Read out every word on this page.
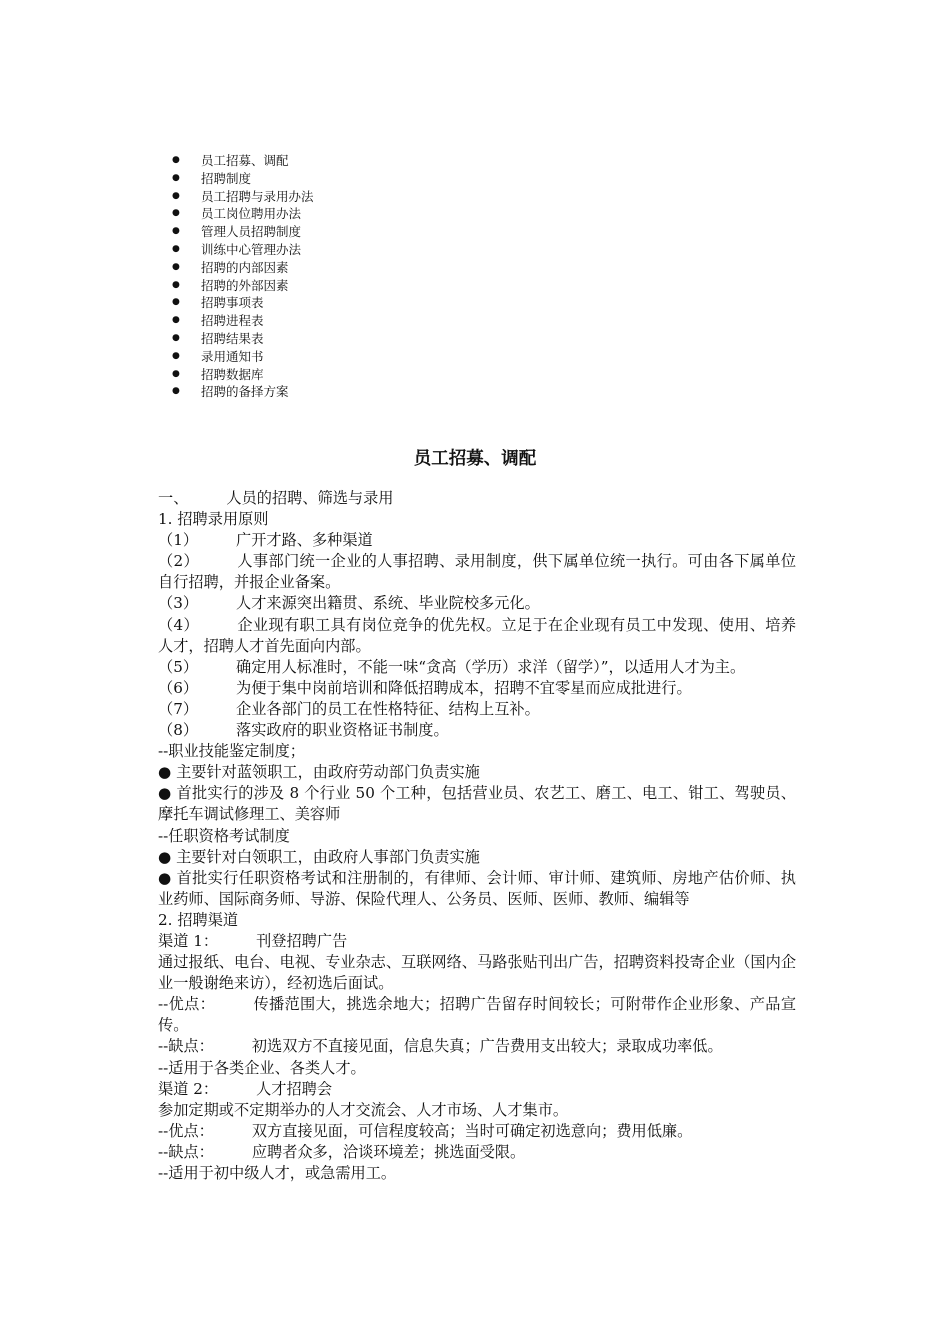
● 员工招募、调配
● 招聘制度
● 员工招聘与录用办法
● 员工岗位聘用办法
● 管理人员招聘制度
● 训练中心管理办法
● 招聘的内部因素
● 招聘的外部因素
● 招聘事项表
● 招聘进程表
● 招聘结果表
● 录用通知书
● 招聘数据库
● 招聘的备择方案
员工招募、调配

一、	人员的招聘、筛选与录用

1. 招聘录用原则

（1）	广开才路、多种渠道

（2）	人事部门统一企业的人事招聘、录用制度，供下属单位统一执行。可由各下属单位自行招聘，并报企业备案。

（3）	人才来源突出籍贯、系统、毕业院校多元化。

（4）	企业现有职工具有岗位竞争的优先权。立足于在企业现有员工中发现、使用、培养人才，招聘人才首先面向内部。

（5）	确定用人标准时，不能一味“贪高（学历）求洋（留学）”，以适用人才为主。

（6）	为便于集中岗前培训和降低招聘成本，招聘不宜零星而应成批进行。

（7）	企业各部门的员工在性格特征、结构上互补。

（8）	落实政府的职业资格证书制度。

--职业技能鉴定制度；

● 主要针对蓝领职工，由政府劳动部门负责实施

● 首批实行的涉及 8 个行业 50 个工种，包括营业员、农艺工、磨工、电工、钳工、驾驶员、摩托车调试修理工、美容师

--任职资格考试制度

● 主要针对白领职工，由政府人事部门负责实施

● 首批实行任职资格考试和注册制的，有律师、会计师、审计师、建筑师、房地产估价师、执业药师、国际商务师、导游、保险代理人、公务员、医师、医师、教师、编辑等

2. 招聘渠道

渠道 1：	刊登招聘广告

通过报纸、电台、电视、专业杂志、互联网络、马路张贴刊出广告，招聘资料投寄企业（国内企业一般谢绝来访），经初选后面试。

--优点：	传播范围大，挑选余地大；招聘广告留存时间较长；可附带作企业形象、产品宣传。

--缺点：	初选双方不直接见面，信息失真；广告费用支出较大；录取成功率低。

--适用于各类企业、各类人才。

渠道 2：	人才招聘会

参加定期或不定期举办的人才交流会、人才市场、人才集市。

--优点：	双方直接见面，可信程度较高；当时可确定初选意向；费用低廉。

--缺点：	应聘者众多，洽谈环境差；挑选面受限。

--适用于初中级人才，或急需用工。
